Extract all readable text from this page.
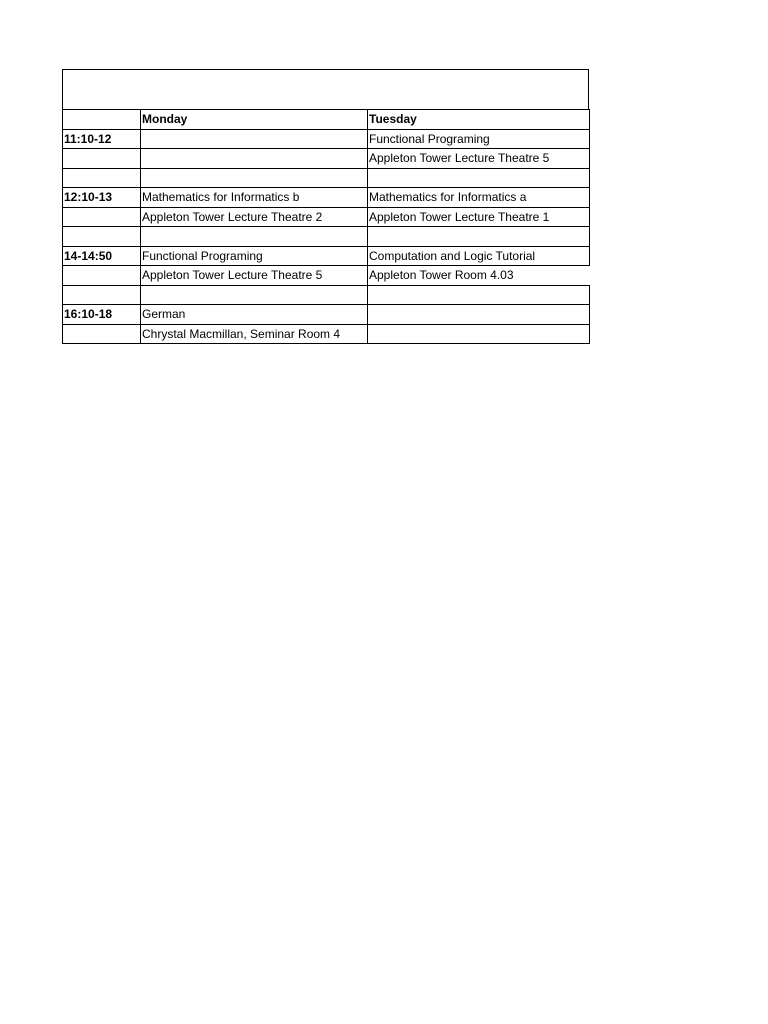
	Monday	Tuesday
11:10-12		Functional Programing
		Appleton Tower Lecture Theatre 5

12:10-13	Mathematics for Informatics b	Mathematics for Informatics a
	Appleton Tower Lecture Theatre 2	Appleton Tower Lecture Theatre 1

14-14:50	Functional Programing	Computation and Logic Tutorial
	Appleton Tower Lecture Theatre 5	Appleton Tower Room 4.03

16:10-18	German	
	Chrystal Macmillan, Seminar Room 4	
